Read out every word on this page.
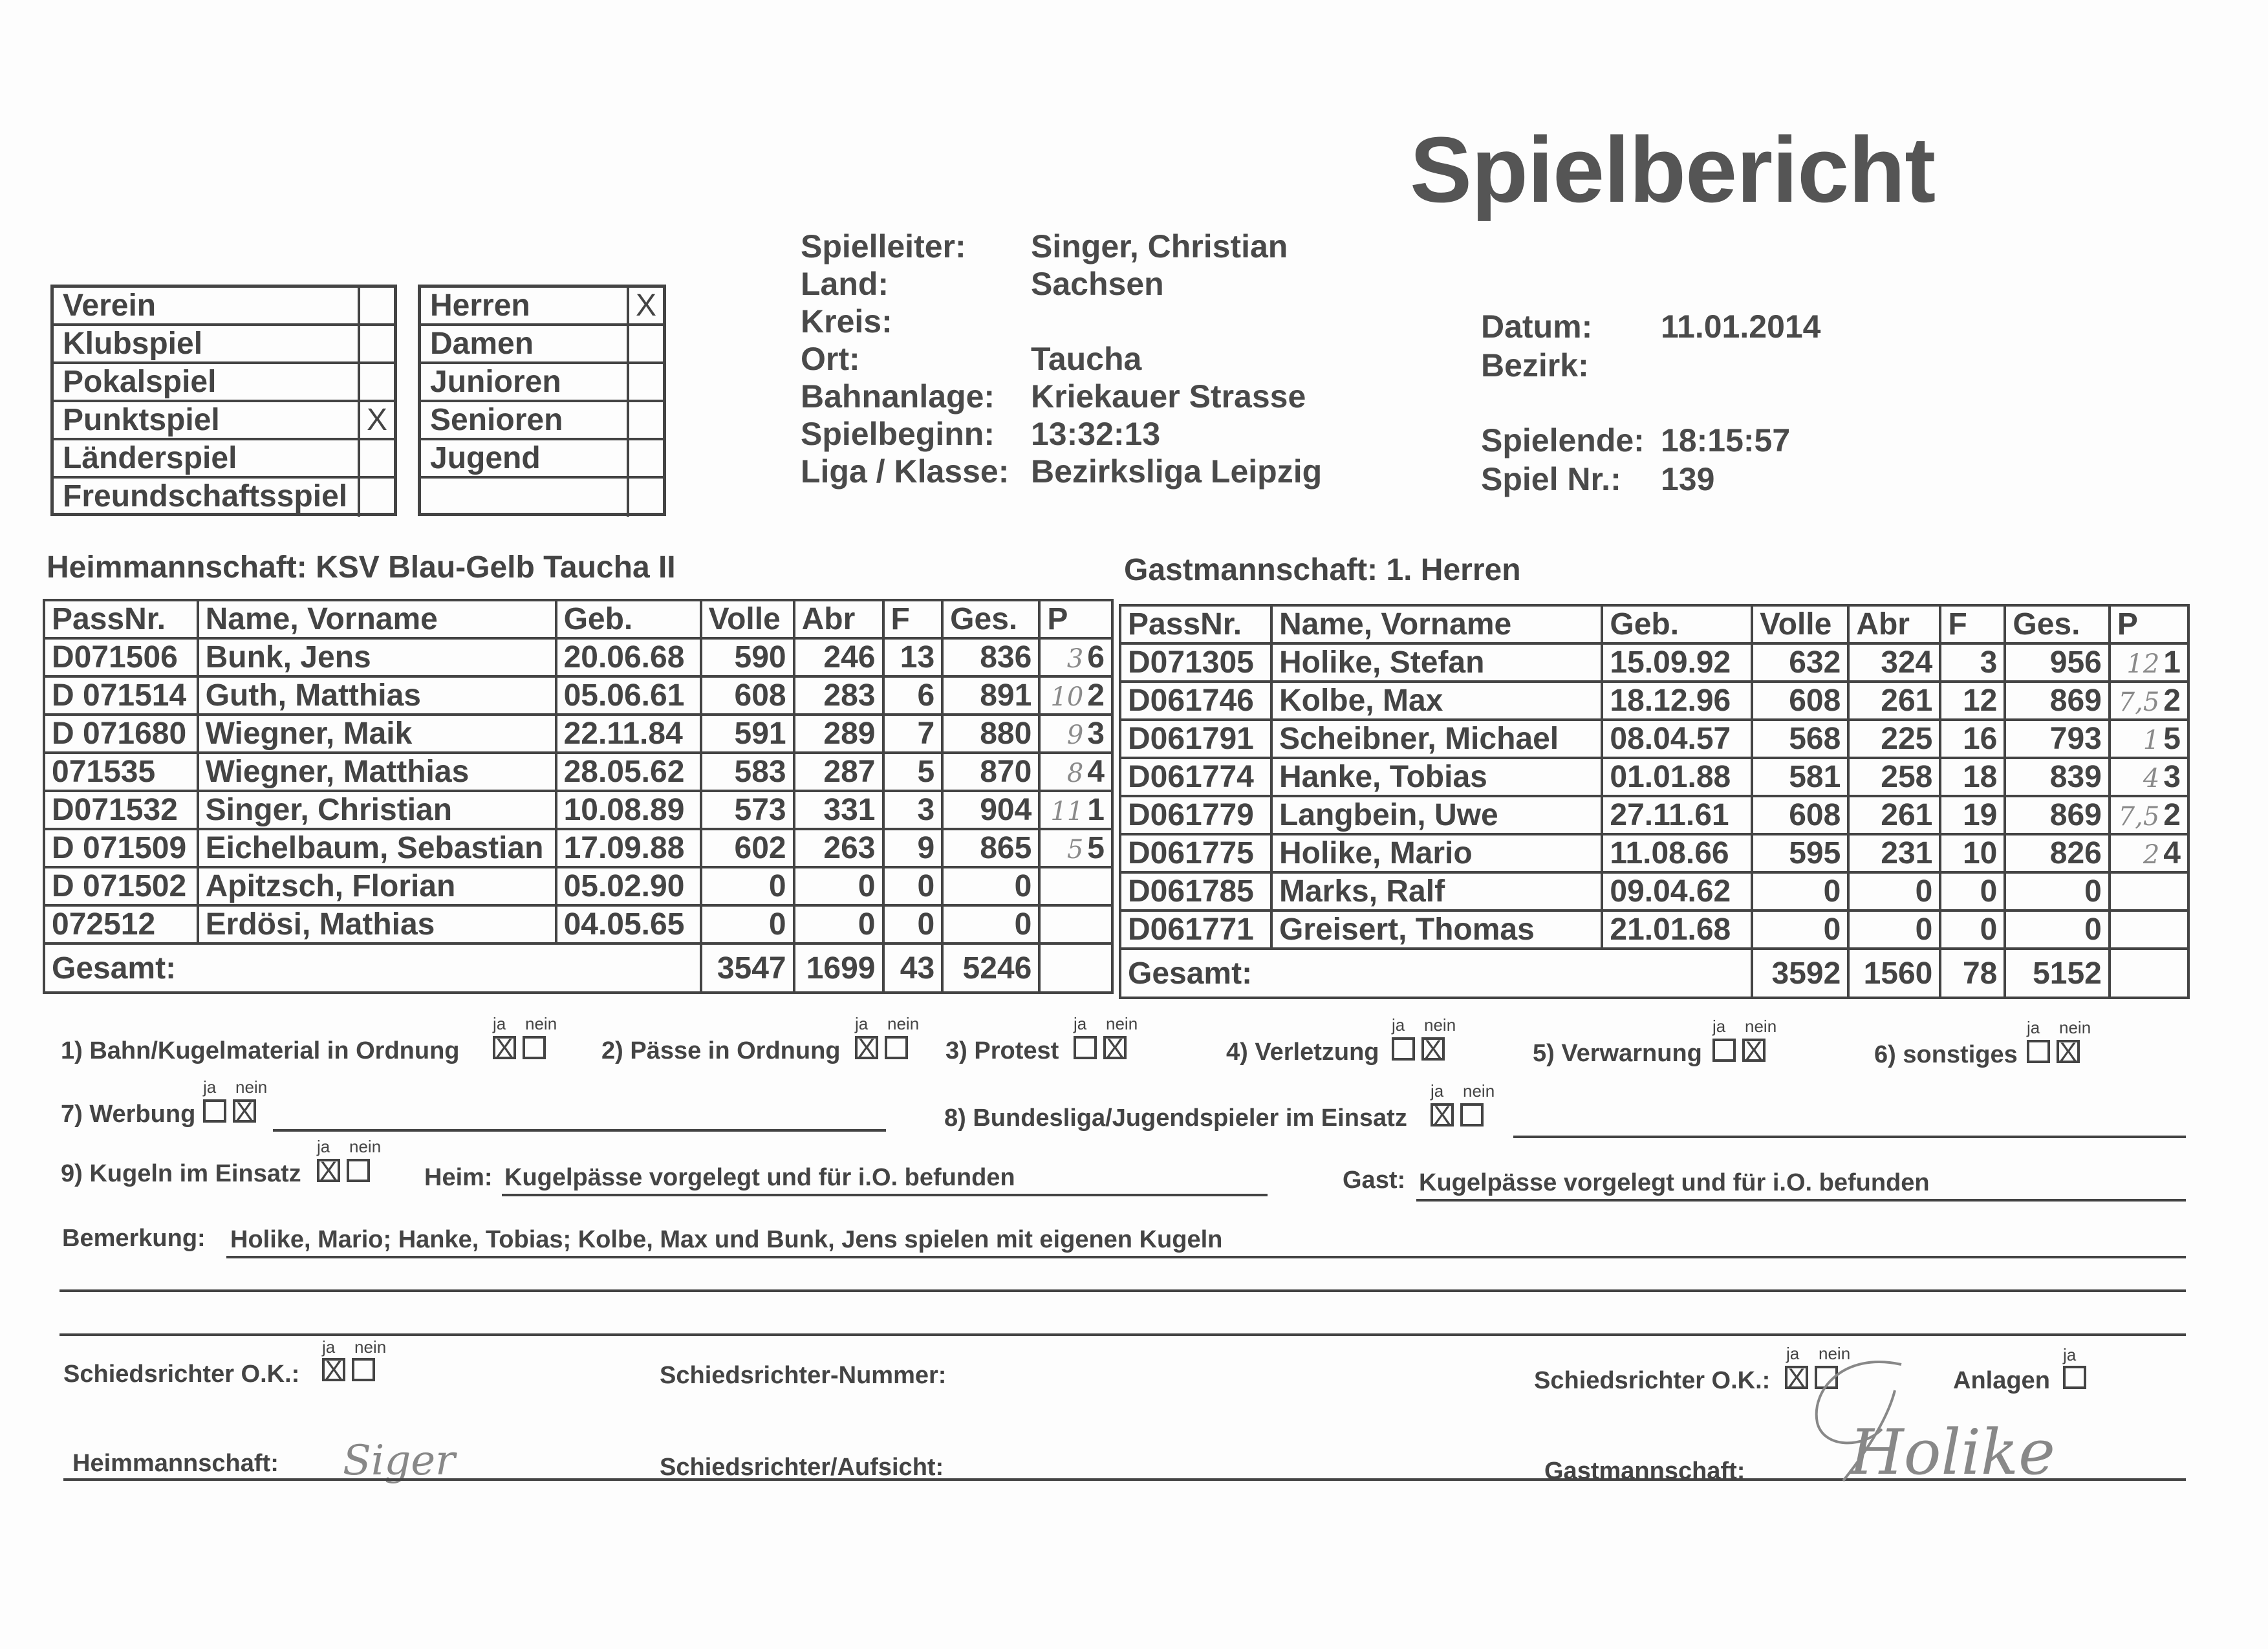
Spielbericht
Spielleiter: Singer, Christian
Land:	Sachsen
Kreis:
Ort:	Taucha
Bahnanlage: Kriekauer Strasse
Spielbeginn: 13:32:13
Liga / Klasse: Bezirksliga Leipzig
Datum: 11.01.2014
Bezirk:
Spielende: 18:15:57
Spiel Nr.: 139
Verein
Klubspiel
Pokalspiel
Punktspiel	X
Länderspiel
Freundschaftsspiel
Herren	X
Damen
Junioren
Senioren
Jugend
Heimmannschaft: KSV Blau-Gelb Taucha II	Gastmannschaft: 1. Herren
PassNr.	Name, Vorname	Geb.	Volle	Abr	F	Ges.	P
D071506	Bunk, Jens	20.06.68	590	246	13	836	3 6
D 071514	Guth, Matthias	05.06.61	608	283	6	891	10 2
D 071680	Wiegner, Maik	22.11.84	591	289	7	880	9 3
071535	Wiegner, Matthias	28.05.62	583	287	5	870	8 4
D071532	Singer, Christian	10.08.89	573	331	3	904	11 1
D 071509	Eichelbaum, Sebastian	17.09.88	602	263	9	865	5 5
D 071502	Apitzsch, Florian	05.02.90	0	0	0	0	
072512	Erdösi, Mathias	04.05.65	0	0	0	0	
Gesamt:			3547	1699	43	5246	
PassNr.	Name, Vorname	Geb.	Volle	Abr	F	Ges.	P
D071305	Holike, Stefan	15.09.92	632	324	3	956	12 1
D061746	Kolbe, Max	18.12.96	608	261	12	869	7,5 2
D061791	Scheibner, Michael	08.04.57	568	225	16	793	1 5
D061774	Hanke, Tobias	01.01.88	581	258	18	839	4 3
D061779	Langbein, Uwe	27.11.61	608	261	19	869	7,5 2
D061775	Holike, Mario	11.08.66	595	231	10	826	2 4
D061785	Marks, Ralf	09.04.62	0	0	0	0	
D061771	Greisert, Thomas	21.01.68	0	0	0	0	
Gesamt:			3592	1560	78	5152	
1) Bahn/Kugelmaterial in Ordnung
ja nein
X	2) Pässe in Ordnung
ja nein
X	3) Protest
ja nein
X	4) Verletzung
ja nein
X	5) Verwarnung
ja nein
X	6) sonstiges
ja nein
X
7) Werbung
ja nein
X	8) Bundesliga/Jugendspieler im Einsatz
ja nein
X
9) Kugeln im Einsatz
ja nein
X	Heim: Kugelpässe vorgelegt und für i.O. befunden	Gast: Kugelpässe vorgelegt und für i.O. befunden
Bemerkung: Holike, Mario; Hanke, Tobias; Kolbe, Max und Bunk, Jens spielen mit eigenen Kugeln
Schiedsrichter O.K.:
ja nein
X	Schiedsrichter-Nummer:	Schiedsrichter O.K.:
ja nein
X	Anlagen
ja
Heimmannschaft: Siger	Schiedsrichter/Aufsicht:	Gastmannschaft: Holike
